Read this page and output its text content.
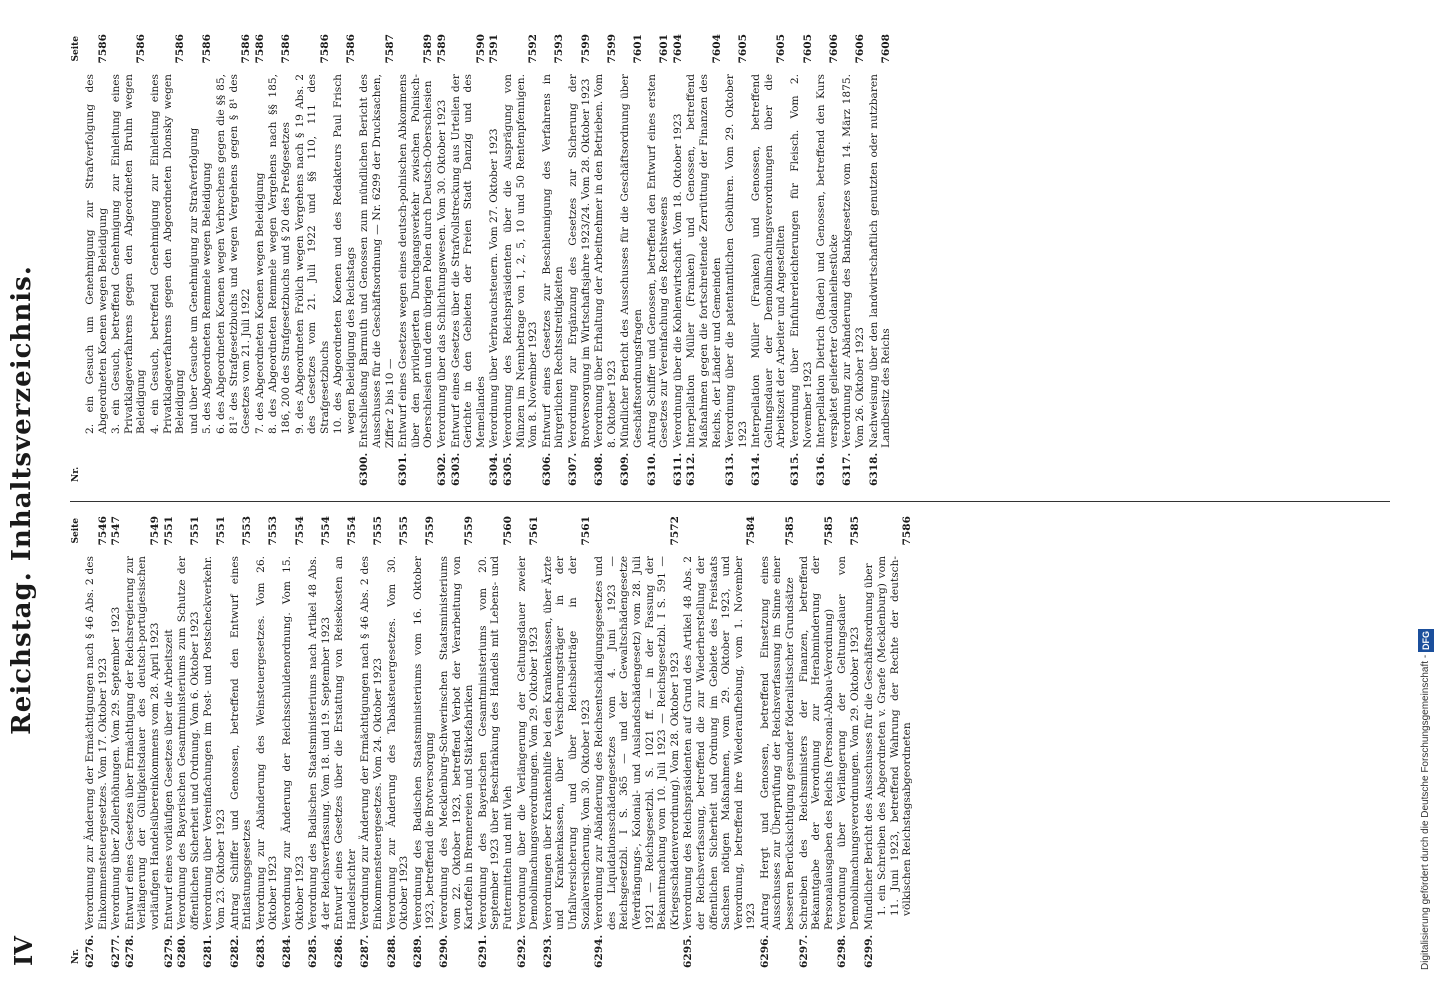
IV
Reichstag. Inhaltsverzeichnis.
Nr.
Seite
6276.
Verordnung zur Änderung der Ermächtigungen nach § 46 Abs. 2 des Einkommensteuergesetzes. Vom 17. Oktober 1923
7546
6277.
Verordnung über Zollerhöhungen. Vom 29. September 1923
7547
6278.
Entwurf eines Gesetzes über Ermächtigung der Reichsregierung zur Verlängerung der Gültigkeitsdauer des deutsch-portugiesischen vorläufigen Handelsübereinkommens vom 28. April 1923
7549
6279.
Entwurf eines vorläufigen Gesetzes über die Arbeitszeit
7551
6280.
Verordnung des Bayerischen Gesamtministeriums zum Schutze der öffentlichen Sicherheit und Ordnung. Vom 6. Oktober 1923
7551
6281.
Verordnung über Vereinfachungen im Post- und Postscheckverkehr. Vom 23. Oktober 1923
7551
6282.
Antrag Schiffer und Genossen, betreffend den Entwurf eines Entlastungsgesetzes
7553
6283.
Verordnung zur Abänderung des Weinsteuergesetzes. Vom 26. Oktober 1923
7553
6284.
Verordnung zur Änderung der Reichsschuldenordnung. Vom 15. Oktober 1923
7554
6285.
Verordnung des Badischen Staatsministeriums nach Artikel 48 Abs. 4 der Reichsverfassung. Vom 18. und 19. September 1923
7554
6286.
Entwurf eines Gesetzes über die Erstattung von Reisekosten an Handelsrichter
7554
6287.
Verordnung zur Änderung der Ermächtigungen nach § 46 Abs. 2 des Einkommensteuergesetzes. Vom 24. Oktober 1923
7555
6288.
Verordnung zur Änderung des Tabaksteuergesetzes. Vom 30. Oktober 1923
7555
6289.
Verordnung des Badischen Staatsministeriums vom 16. Oktober 1923, betreffend die Brotversorgung
7559
6290.
Verordnung des Mecklenburg-Schwerinschen Staatsministeriums vom 22. Oktober 1923, betreffend Verbot der Verarbeitung von Kartoffeln in Brennereien und Stärkefabriken
7559
6291.
Verordnung des Bayerischen Gesamtministeriums vom 20. September 1923 über Beschränkung des Handels mit Lebens- und Futtermitteln und mit Vieh
7560
6292.
Verordnung über die Verlängerung der Geltungsdauer zweier Demobilmachungsverordnungen. Vom 29. Oktober 1923
7561
6293.
Verordnungen über Krankenhilfe bei den Krankenkassen, über Ärzte und Krankenkassen, über Versicherungsträger in der Unfallversicherung und über Reichsbeiträge in der Sozialversicherung. Vom 30. Oktober 1923
7561
6294.
Verordnung zur Abänderung des Reichsentschädigungsgesetzes und des Liquidationsschädengesetzes vom 4. Juni 1923 — Reichsgesetzbl. I S. 365 — und der Gewaltschädengesetze (Verdrängungs-, Kolonial- und Auslandschädengesetz) vom 28. Juli 1921 — Reichsgesetzbl. S. 1021 ff. — in der Fassung der Bekanntmachung vom 10. Juli 1923 — Reichsgesetzbl. I S. 591 — (Kriegsschädenverordnung). Vom 28. Oktober 1923
7572
6295.
Verordnung des Reichspräsidenten auf Grund des Artikel 48 Abs. 2 der Reichsverfassung, betreffend die zur Wiederherstellung der öffentlichen Sicherheit und Ordnung im Gebiete des Freistaats Sachsen nötigen Maßnahmen, vom 29. Oktober 1923, und Verordnung, betreffend ihre Wiederaufhebung, vom 1. November 1923
7584
6296.
Antrag Hergt und Genossen, betreffend Einsetzung eines Ausschusses zur Überprüfung der Reichsverfassung im Sinne einer besseren Berücksichtigung gesunder föderalistischer Grundsätze
7585
6297.
Schreiben des Reichsministers der Finanzen, betreffend Bekanntgabe der Verordnung zur Herabminderung der Personalausgaben des Reichs (Personal-Abbau-Verordnung)
7585
6298.
Verordnung über Verlängerung der Geltungsdauer von Demobilmachungsverordnungen. Vom 29. Oktober 1923
7585
6299.
Mündlicher Bericht des Ausschusses für die Geschäftsordnung über 1. ein Schreiben des Abgeordneten v. Graefe (Mecklenburg) vom 11. Juni 1923, betreffend Wahrung der Rechte der deutsch-völkischen Reichstagsabgeordneten
7586
Nr.
Seite
2. ein Gesuch um Genehmigung zur Strafverfolgung des Abgeordneten Koenen wegen Beleidigung
7586
3. ein Gesuch, betreffend Genehmigung zur Einleitung eines Privatklageverfahrens gegen den Abgeordneten Bruhn wegen Beleidigung
7586
4. ein Gesuch, betreffend Genehmigung zur Einleitung eines Privatklageverfahrens gegen den Abgeordneten Dlonsky wegen Beleidigung
7586
und über Gesuche um Genehmigung zur Strafverfolgung 5. des Abgeordneten Remmele wegen Beleidigung
7586
6. des Abgeordneten Koenen wegen Verbrechens gegen die §§ 85, 81² des Strafgesetzbuchs und wegen Vergehens gegen § 8¹ des Gesetzes vom 21. Juli 1922
7586
7. des Abgeordneten Koenen wegen Beleidigung
7586
8. des Abgeordneten Remmele wegen Vergehens nach §§ 185, 186, 200 des Strafgesetzbuchs und § 20 des Preßgesetzes
7586
9. des Abgeordneten Frölich wegen Vergehens nach § 19 Abs. 2 des Gesetzes vom 21. Juli 1922 und §§ 110, 111 des Strafgesetzbuchs
7586
10. des Abgeordneten Koenen und des Redakteurs Paul Frisch wegen Beleidigung des Reichstags
7586
6300.
Entschließung Barmuth und Genossen zum mündlichen Bericht des Ausschusses für die Geschäftsordnung — Nr. 6299 der Drucksachen, Ziffer 2 bis 10 —
7587
6301.
Entwurf eines Gesetzes wegen eines deutsch-polnischen Abkommens über den privilegierten Durchgangsverkehr zwischen Polnisch-Oberschlesien und dem übrigen Polen durch Deutsch-Oberschlesien
7589
6302.
Verordnung über das Schlichtungswesen. Vom 30. Oktober 1923
7589
6303.
Entwurf eines Gesetzes über die Strafvollstreckung aus Urteilen der Gerichte in den Gebieten der Freien Stadt Danzig und des Memellandes
7590
6304.
Verordnung über Verbrauchsteuern. Vom 27. Oktober 1923
7591
6305.
Verordnung des Reichspräsidenten über die Ausprägung von Münzen im Nennbetrage von 1, 2, 5, 10 und 50 Rentenpfennigen. Vom 8. November 1923
7592
6306.
Entwurf eines Gesetzes zur Beschleunigung des Verfahrens in bürgerlichen Rechtsstreitigkeiten
7593
6307.
Verordnung zur Ergänzung des Gesetzes zur Sicherung der Brotversorgung im Wirtschaftsjahre 1923/24. Vom 28. Oktober 1923
7599
6308.
Verordnung über Erhaltung der Arbeitnehmer in den Betrieben. Vom 8. Oktober 1923
7599
6309.
Mündlicher Bericht des Ausschusses für die Geschäftsordnung über Geschäftsordnungsfragen
7601
6310.
Antrag Schiffer und Genossen, betreffend den Entwurf eines ersten Gesetzes zur Vereinfachung des Rechtswesens
7601
6311.
Verordnung über die Kohlenwirtschaft. Vom 18. Oktober 1923
7604
6312.
Interpellation Müller (Franken) und Genossen, betreffend Maßnahmen gegen die fortschreitende Zerrüttung der Finanzen des Reichs, der Länder und Gemeinden
7604
6313.
Verordnung über die patentamtlichen Gebühren. Vom 29. Oktober 1923
7605
6314.
Interpellation Müller (Franken) und Genossen, betreffend Geltungsdauer der Demobilmachungsverordnungen über die Arbeitszeit der Arbeiter und Angestellten
7605
6315.
Verordnung über Einfuhrerleichterungen für Fleisch. Vom 2. November 1923
7605
6316.
Interpellation Dietrich (Baden) und Genossen, betreffend den Kurs verspätet gelieferter Goldanleihestücke
7606
6317.
Verordnung zur Abänderung des Bankgesetzes vom 14. März 1875. Vom 26. Oktober 1923
7606
6318.
Nachweisung über den landwirtschaftlich genutzten oder nutzbaren Landbesitz des Reichs
7608
Digitalisierung gefördert durch die Deutsche Forschungsgemeinschaft - DFG
